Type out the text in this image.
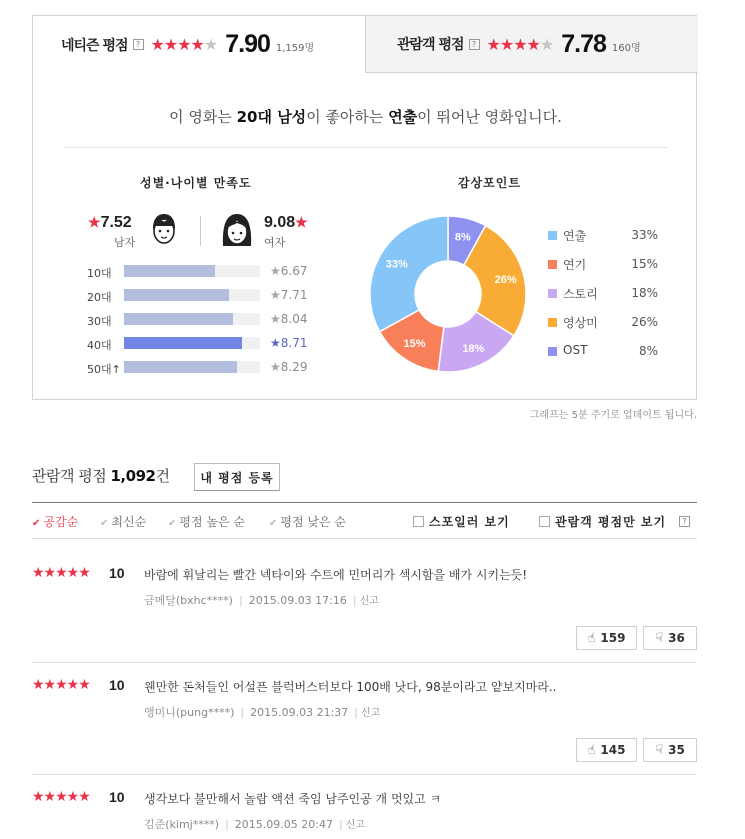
네티즌 평점	? ★★★★★ 7.90 1,159명	관람객 평점	? ★★★★★ 7.78 160명
이 영화는 20대 남성이 좋아하는 연출이 뛰어난 영화입니다.
성별·나이별 만족도	감상포인트
★7.52
남자
9.08★
여자
10대	★6.67
20대	★7.71
30대	★8.04
40대	★8.71
50대↑	★8.29
8%
26%
18%
15%
33%
연출	33%
연기	15%
스토리	18%
영상미	26%
OST	8%
그래프는 5분 주기로 업데이트 됩니다.
관람객 평점 1,092건	내 평점 등록
✔ 공감순 ✔ 최신순 ✔ 평점 높은 순 ✔ 평점 낮은 순	스포일러 보기	관람객 평점만 보기	?
★★★★★ 10 바람에 휘날리는 빨간 넥타이와 수트에 민머리가 섹시함을 배가 시키는듯!
금메달(bxhc****) | 2015.09.03 17:16 | 신고
☝ 159	☟ 36
★★★★★ 10 웬만한 돈처들인 어설픈 블럭버스터보다 100배 낫다, 98분이라고 얕보지마라..
앵미니(pung****) | 2015.09.03 21:37 | 신고
☝ 145	☟ 35
★★★★★ 10 생각보다 불만해서 놀람 액션 죽임 남주인공 개 멋있고 ㅋ
김준(kimj****) | 2015.09.05 20:47 | 신고
